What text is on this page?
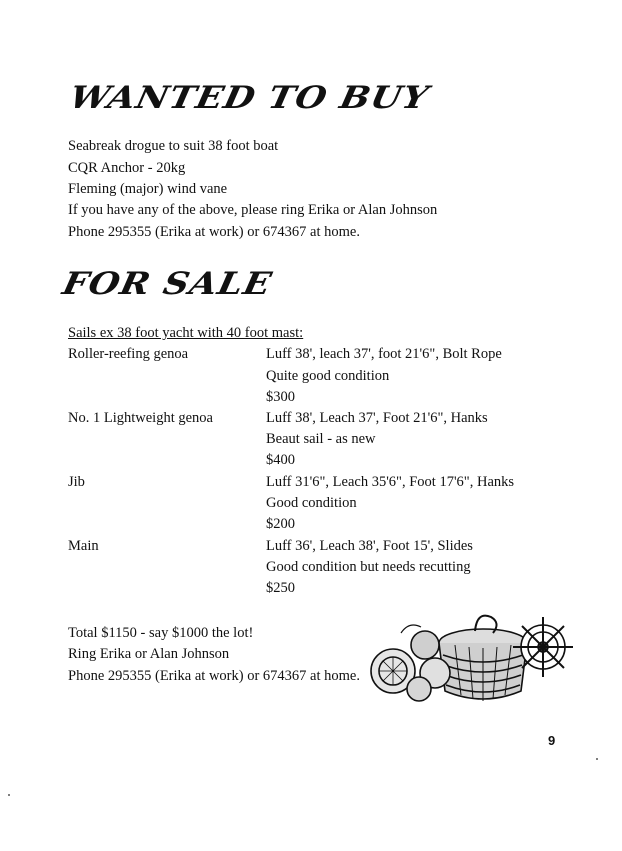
WANTED TO BUY
Seabreak drogue to suit 38 foot boat
CQR Anchor - 20kg
Fleming (major) wind vane
If you have any of the above, please ring Erika or Alan Johnson
Phone 295355 (Erika at work) or 674367 at home.
FOR SALE
Sails ex 38 foot yacht with 40 foot mast:
Roller-reefing genoa	Luff 38', leach 37', foot 21'6", Bolt Rope
Quite good condition
$300
No. 1 Lightweight genoa	Luff 38', Leach 37', Foot 21'6", Hanks
Beaut sail - as new
$400
Jib	Luff 31'6", Leach 35'6", Foot 17'6", Hanks
Good condition
$200
Main	Luff 36', Leach 38', Foot 15', Slides
Good condition but needs recutting
$250
Total $1150 - say $1000 the lot!
Ring Erika or Alan Johnson
Phone 295355 (Erika at work) or 674367 at home.
9
